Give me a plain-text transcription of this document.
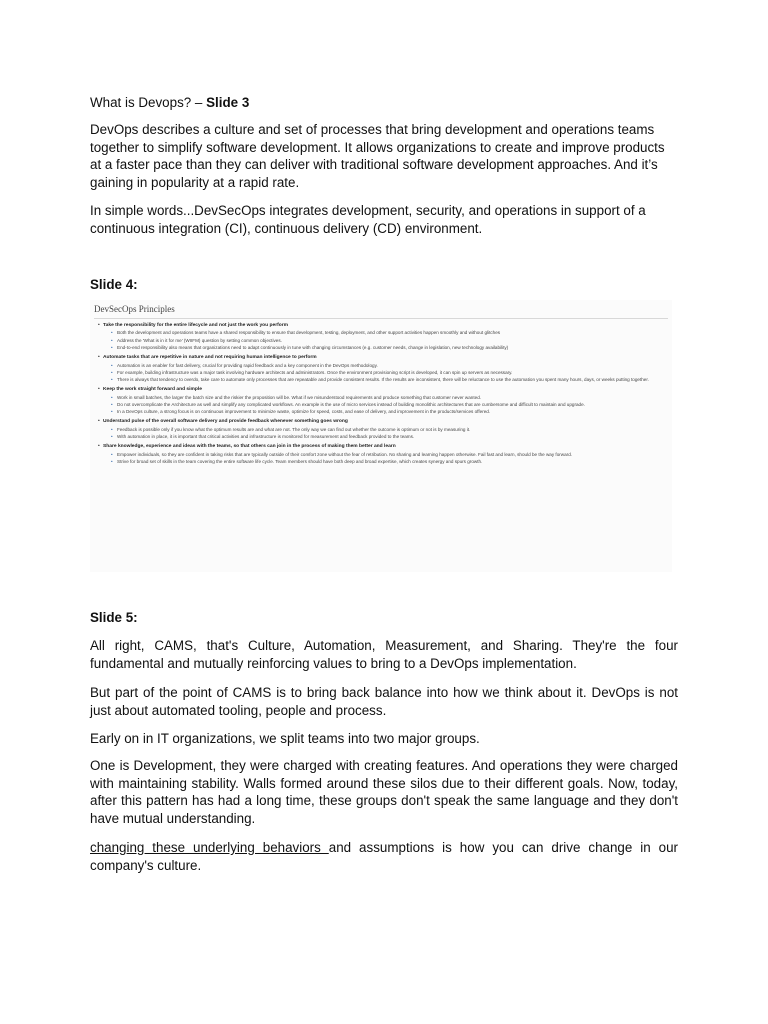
What is Devops? – Slide 3

DevOps describes a culture and set of processes that bring development and operations teams together to simplify software development. It allows organizations to create and improve products at a faster pace than they can deliver with traditional software development approaches. And it’s gaining in popularity at a rapid rate.

In simple words...DevSecOps integrates development, security, and operations in support of a continuous integration (CI), continuous delivery (CD) environment.

Slide 4:

DevSecOps Principles
• Take the responsibility for the entire lifecycle and not just the work you perform
• Both the development and operations teams have a shared responsibility to ensure that development, testing, deployment, and other support activities happen smoothly and without glitches
• Address the 'What is in it for me' (WIIFM) question by setting common objectives.
• End-to-end responsibility also means that organizations need to adapt continuously in tune with changing circumstances (e.g. customer needs, change in legislation, new technology availability)
• Automate tasks that are repetitive in nature and not requiring human intelligence to perform
• Automation is an enabler for fast delivery, crucial for providing rapid feedback and a key component in the DevOps methodology.
• For example, building infrastructure was a major task involving hardware architects and administrators. Once the environment provisioning script is developed, it can spin up servers as necessary.
• There is always that tendency to overdo, take care to automate only processes that are repeatable and provide consistent results. If the results are inconsistent, there will be reluctance to use the automation you spent many hours, days, or weeks putting together.
• Keep the work straight forward and simple
• Work in small batches, the larger the batch size and the riskier the proposition will be. What if we misunderstood requirements and produce something that customer never wanted.
• Do not overcomplicate the Architecture as well and simplify any complicated workflows. An example is the use of micro services instead of building monolithic architectures that are cumbersome and difficult to maintain and upgrade.
• In a DevOps culture, a strong focus is on continuous improvement to minimize waste, optimize for speed, costs, and ease of delivery, and improvement in the products/services offered.
• Understand pulse of the overall software delivery and provide feedback whenever something goes wrong
• Feedback is possible only if you know what the optimum results are and what are not. The only way we can find out whether the outcome is optimum or not is by measuring it.
• With automation in place, it is important that critical activities and infrastructure is monitored for measurement and feedback provided to the teams.
• Share knowledge, experience and ideas with the teams, so that others can join in the process of making them better and learn
• Empower individuals, so they are confident in taking risks that are typically outside of their comfort zone without the fear of retribution. No sharing and learning happen otherwise. Fail fast and learn, should be the way forward.
• Strive for broad set of skills in the team covering the entire software life cycle. Team members should have both deep and broad expertise, which creates synergy and spurs growth.

Slide 5:

All right, CAMS, that's Culture, Automation, Measurement, and Sharing. They're the four fundamental and mutually reinforcing values to bring to a DevOps implementation.

But part of the point of CAMS is to bring back balance into how we think about it. DevOps is not just about automated tooling, people and process.

Early on in IT organizations, we split teams into two major groups.

One is Development, they were charged with creating features. And operations they were charged with maintaining stability. Walls formed around these silos due to their different goals. Now, today, after this pattern has had a long time, these groups don't speak the same language and they don't have mutual understanding.

changing these underlying behaviors and assumptions is how you can drive change in our company's culture.
